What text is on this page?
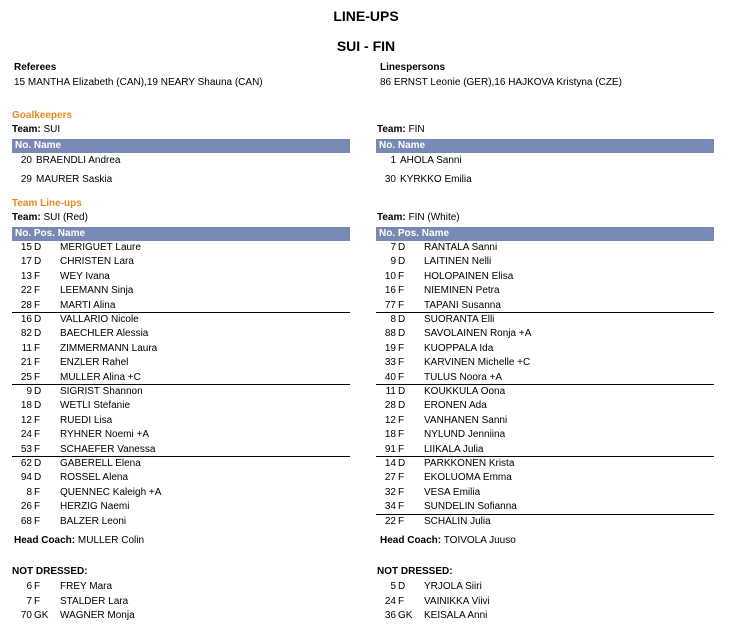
LINE-UPS
SUI - FIN
Referees
15 MANTHA Elizabeth (CAN),19 NEARY Shauna (CAN)
Linespersons
86 ERNST Leonie (GER),16 HAJKOVA Kristyna (CZE)
Goalkeepers
Team: SUI	Team: FIN
No. Name	No. Name
20 BRAENDLI Andrea
29 MAURER Saskia
1 AHOLA Sanni
30 KYRKKO Emilia
Team Line-ups
Team: SUI (Red)	Team: FIN (White)
No. Pos. Name	No. Pos. Name
15 D	MERIGUET Laure
17 D	CHRISTEN Lara
13 F	WEY Ivana
22 F	LEEMANN Sinja
28 F	MARTI Alina
16 D	VALLARIO Nicole
82 D	BAECHLER Alessia
11 F	ZIMMERMANN Laura
21 F	ENZLER Rahel
25 F	MULLER Alina +C
9 D	SIGRIST Shannon
18 D	WETLI Stefanie
12 F	RUEDI Lisa
24 F	RYHNER Noemi +A
53 F	SCHAEFER Vanessa
62 D	GABERELL Elena
94 D	ROSSEL Alena
8 F	QUENNEC Kaleigh +A
26 F	HERZIG Naemi
68 F	BALZER Leoni
7 D	RANTALA Sanni
9 D	LAITINEN Nelli
10 F	HOLOPAINEN Elisa
16 F	NIEMINEN Petra
77 F	TAPANI Susanna
8 D	SUORANTA Elli
88 D	SAVOLAINEN Ronja +A
19 F	KUOPPALA Ida
33 F	KARVINEN Michelle +C
40 F	TULUS Noora +A
11 D	KOUKKULA Oona
28 D	ERONEN Ada
12 F	VANHANEN Sanni
18 F	NYLUND Jenniina
91 F	LIIKALA Julia
14 D	PARKKONEN Krista
27 F	EKOLUOMA Emma
32 F	VESA Emilia
34 F	SUNDELIN Sofianna
22 F	SCHALIN Julia
Head Coach: MULLER Colin	Head Coach: TOIVOLA Juuso
NOT DRESSED:	NOT DRESSED:
6 F	FREY Mara
7 F	STALDER Lara
70 GK WAGNER Monja
5 D	YRJOLA Siiri
24 F	VAINIKKA Viivi
36 GK KEISALA Anni
